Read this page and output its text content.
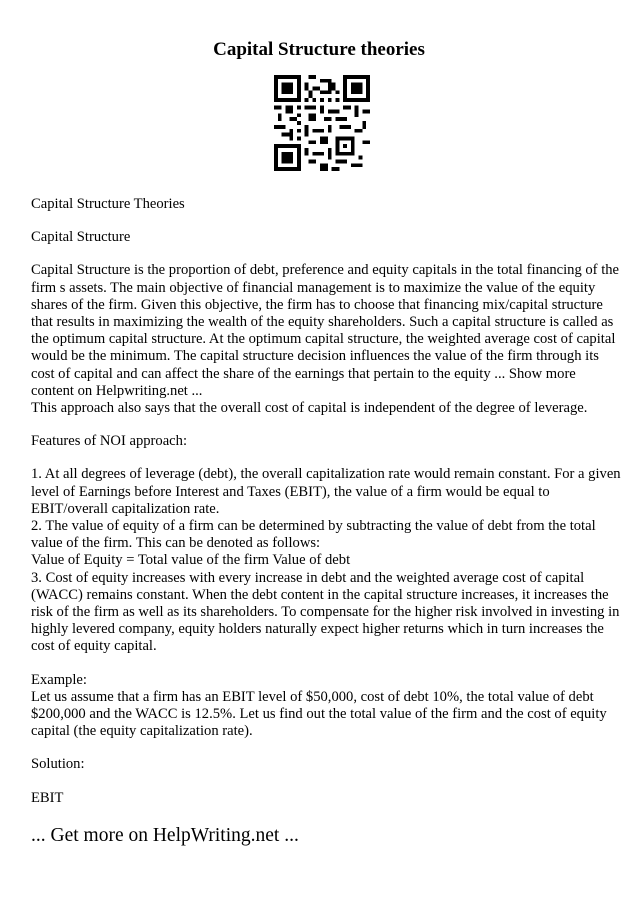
Capital Structure theories

Capital Structure Theories

Capital Structure

Capital Structure is the proportion of debt, preference and equity capitals in the total financing of the firm s assets. The main objective of financial management is to maximize the value of the equity shares of the firm. Given this objective, the firm has to choose that financing mix/capital structure that results in maximizing the wealth of the equity shareholders. Such a capital structure is called as the optimum capital structure. At the optimum capital structure, the weighted average cost of capital would be the minimum. The capital structure decision influences the value of the firm through its cost of capital and can affect the share of the earnings that pertain to the equity ... Show more content on Helpwriting.net ...

This approach also says that the overall cost of capital is independent of the degree of leverage.

Features of NOI approach:

1. At all degrees of leverage (debt), the overall capitalization rate would remain constant. For a given level of Earnings before Interest and Taxes (EBIT), the value of a firm would be equal to EBIT/overall capitalization rate.

2. The value of equity of a firm can be determined by subtracting the value of debt from the total value of the firm. This can be denoted as follows:

Value of Equity = Total value of the firm Value of debt

3. Cost of equity increases with every increase in debt and the weighted average cost of capital (WACC) remains constant. When the debt content in the capital structure increases, it increases the risk of the firm as well as its shareholders. To compensate for the higher risk involved in investing in highly levered company, equity holders naturally expect higher returns which in turn increases the cost of equity capital.

Example:

Let us assume that a firm has an EBIT level of $50,000, cost of debt 10%, the total value of debt $200,000 and the WACC is 12.5%. Let us find out the total value of the firm and the cost of equity capital (the equity capitalization rate).

Solution:

EBIT

... Get more on HelpWriting.net ...
